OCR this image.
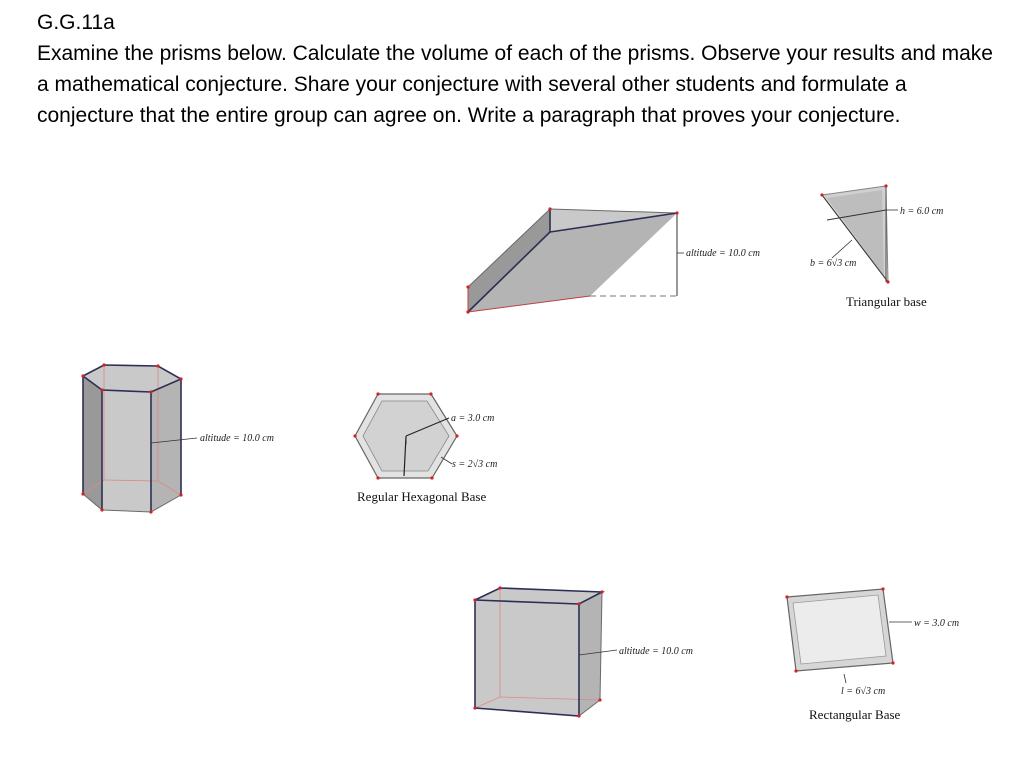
G.G.11a

Examine the prisms below. Calculate the volume of each of the prisms. Observe your results and make a mathematical conjecture. Share your conjecture with several other students and formulate a conjecture that the entire group can agree on. Write a paragraph that proves your conjecture.

altitude = 10.0 cm
h = 6.0 cm
b = 6√3 cm
Triangular base
altitude = 10.0 cm
a = 3.0 cm
s = 2√3 cm
Regular Hexagonal Base
altitude = 10.0 cm
w = 3.0 cm
l = 6√3 cm
Rectangular Base
